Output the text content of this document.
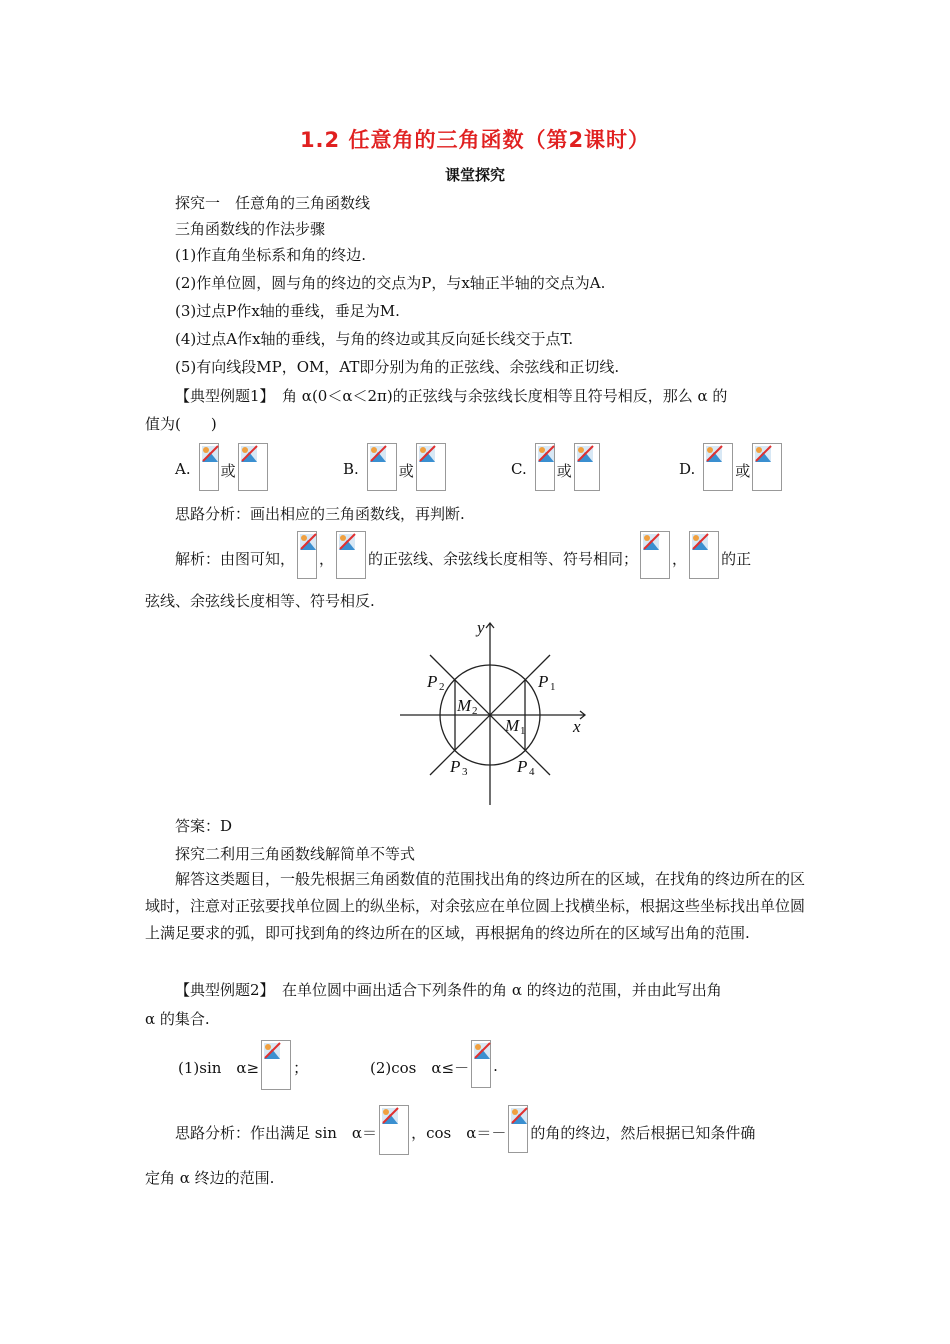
1.2 任意角的三角函数（第2课时）
课堂探究
探究一　任意角的三角函数线
三角函数线的作法步骤
(1)作直角坐标系和角的终边.
(2)作单位圆，圆与角的终边的交点为P，与x轴正半轴的交点为A.
(3)过点P作x轴的垂线，垂足为M.
(4)过点A作x轴的垂线，与角的终边或其反向延长线交于点T.
(5)有向线段MP，OM，AT即分别为角的正弦线、余弦线和正切线.
【典型例题1】　角 α(0＜α＜2π)的正弦线与余弦线长度相等且符号相反，那么 α 的
值为(　　)
A. 或	B.	或	C. 或	D.	或
思路分析：画出相应的三角函数线，再判断.
解析：由图可知， ， 的正弦线、余弦线长度相等、符号相同； ， 的正
弦线、余弦线长度相等、符号相反.
y
x
P
P
P	P
M
M
1
2
3	4
2
1
答案：D
探究二利用三角函数线解简单不等式
解答这类题目，一般先根据三角函数值的范围找出角的终边所在的区域，在找角的终边所在的区域时，注意对正弦要找单位圆上的纵坐标，对余弦应在单位圆上找横坐标，根据这些坐标找出单位圆上满足要求的弧，即可找到角的终边所在的区域，再根据角的终边所在的区域写出角的范围.
【典型例题2】　在单位圆中画出适合下列条件的角 α 的终边的范围，并由此写出角
α 的集合.
(1)sin　α≥ ；	(2)cos　α≤－ .
思路分析：作出满足 sin　α＝ ，cos　α＝－ 的角的终边，然后根据已知条件确
定角 α 终边的范围.
